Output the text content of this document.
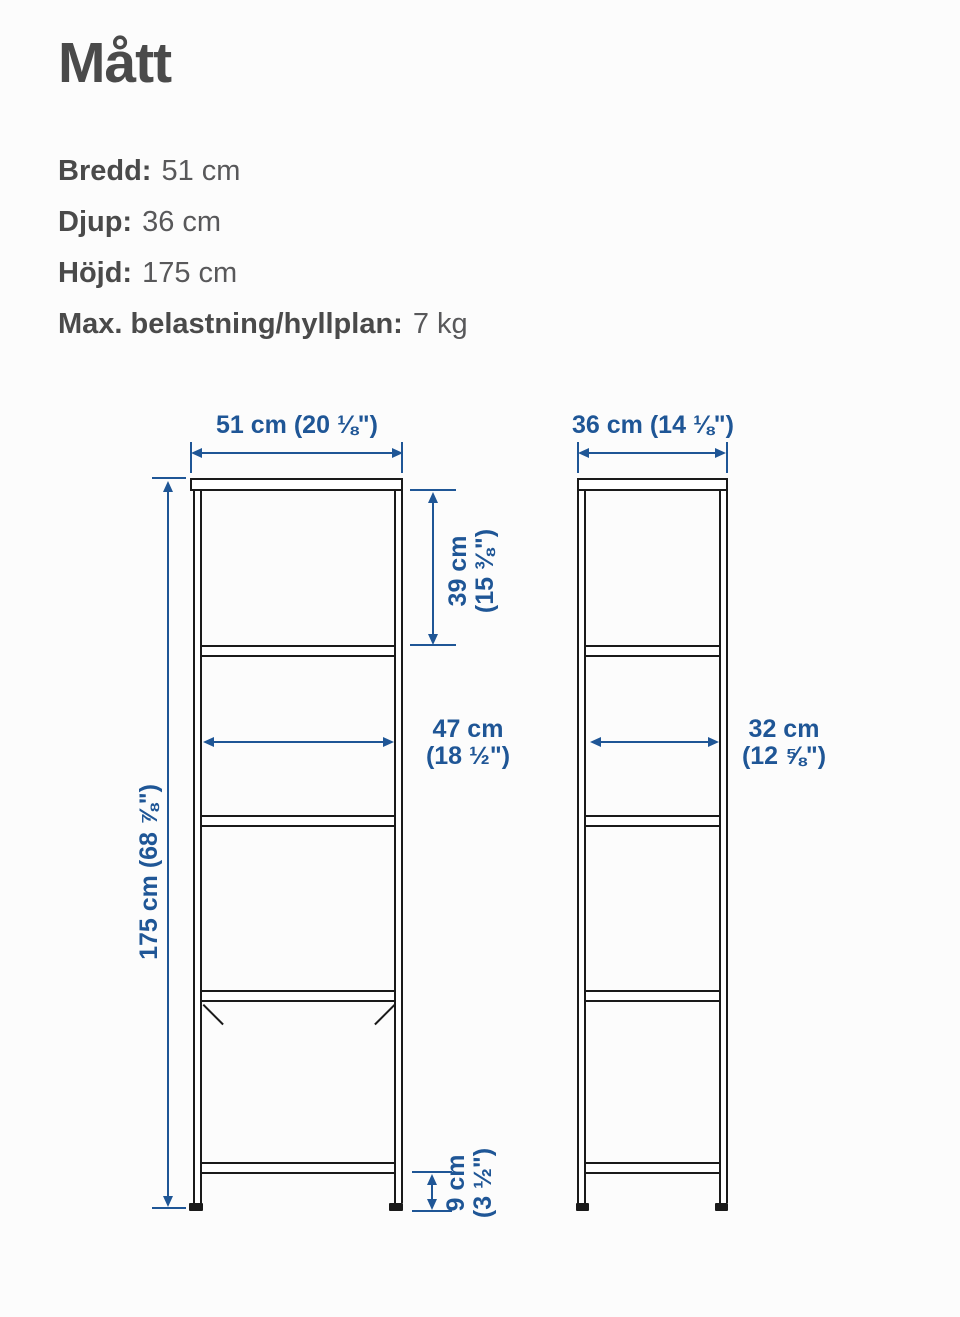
Mått
Bredd: 51 cm
Djup: 36 cm
Höjd: 175 cm
Max. belastning/hyllplan: 7 kg
51 cm (20 ⅛")
175 cm (68 ⅞")
39 cm (15 ⅜")
47 cm
(18 ½")
9 cm (3 ½")
36 cm (14 ⅛")
32 cm
(12 ⅝")
